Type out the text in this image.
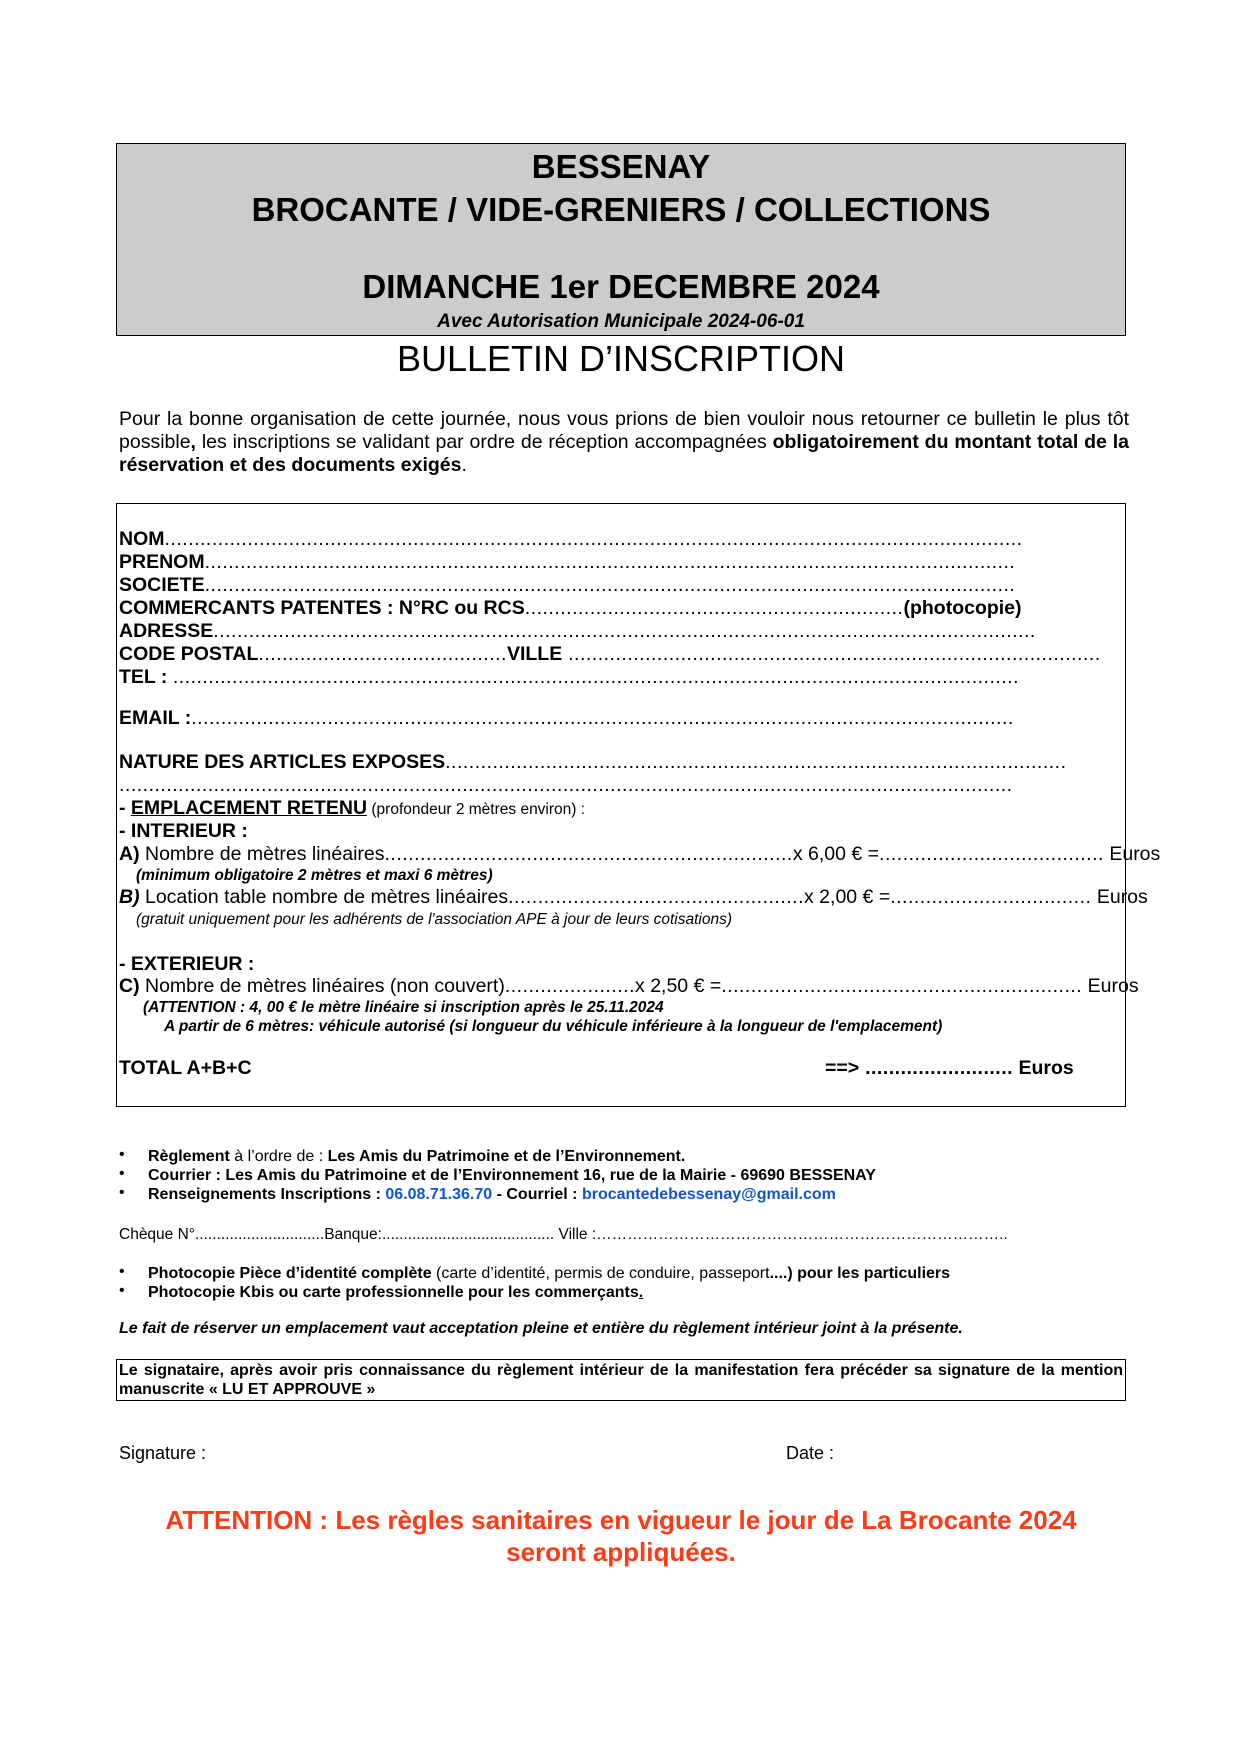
BESSENAY
BROCANTE / VIDE-GRENIERS / COLLECTIONS
DIMANCHE 1er DECEMBRE 2024
Avec Autorisation Municipale 2024-06-01
BULLETIN D’INSCRIPTION
Pour la bonne organisation de cette journée, nous vous prions de bien vouloir nous retourner ce bulletin le plus tôt possible, les inscriptions se validant par ordre de réception accompagnées obligatoirement du montant total de la réservation et des documents exigés.
NOM.................................................................................................................................................
PRENOM.........................................................................................................................................
SOCIETE.........................................................................................................................................
COMMERCANTS PATENTES : N°RC ou RCS................................................................(photocopie)
ADRESSE...........................................................................................................................................
CODE POSTAL..........................................VILLE ..........................................................................................
TEL : ...............................................................................................................................................
EMAIL :...........................................................................................................................................
NATURE DES ARTICLES EXPOSES.........................................................................................................
.......................................................................................................................................................
- EMPLACEMENT RETENU (profondeur 2 mètres environ) :
- INTERIEUR :
A) Nombre de mètres linéaires.....................................................................x 6,00 € =...................................... Euros
(minimum obligatoire 2 mètres et maxi 6 mètres)
B) Location table nombre de mètres linéaires..................................................x 2,00 € =.................................. Euros
(gratuit uniquement pour les adhérents de l'association APE à jour de leurs cotisations)
- EXTERIEUR :
C) Nombre de mètres linéaires (non couvert)......................x 2,50 € =............................................................. Euros
(ATTENTION : 4, 00 € le mètre linéaire si inscription après le 25.11.2024
A partir de 6 mètres: véhicule autorisé (si longueur du véhicule inférieure à la longueur de l'emplacement)
TOTAL A+B+C	==> ......................... Euros
• Règlement à l’ordre de : Les Amis du Patrimoine et de l’Environnement.
• Courrier : Les Amis du Patrimoine et de l’Environnement 16, rue de la Mairie - 69690 BESSENAY
• Renseignements Inscriptions : 06.08.71.36.70 - Courriel : brocantedebessenay@gmail.com
Chèque N°..............................Banque:........................................ Ville :……………………………………………………………………..
• Photocopie Pièce d’identité complète (carte d’identité, permis de conduire, passeport....) pour les particuliers
• Photocopie Kbis ou carte professionnelle pour les commerçants.
Le fait de réserver un emplacement vaut acceptation pleine et entière du règlement intérieur joint à la présente.
Le signataire, après avoir pris connaissance du règlement intérieur de la manifestation fera précéder sa signature de la mention manuscrite « LU ET APPROUVE »
Signature :	Date :
ATTENTION : Les règles sanitaires en vigueur le jour de La Brocante 2024
seront appliquées.
